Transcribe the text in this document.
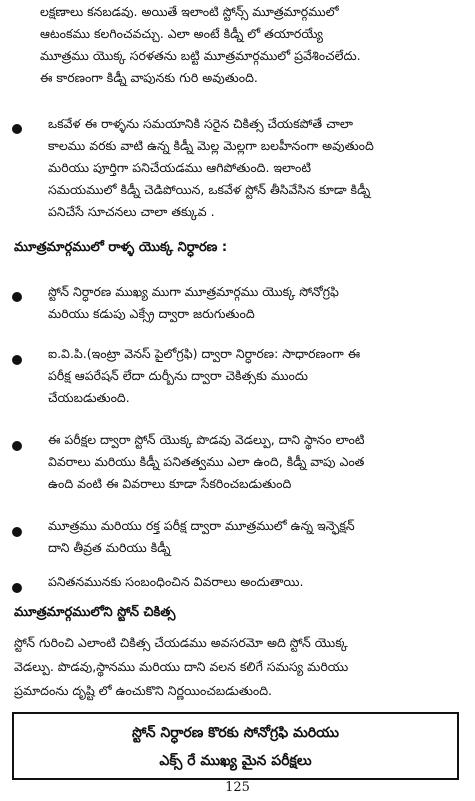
లక్షణాలు కనబడవు. అయితే ఇలాంటి స్టోన్స్ మూత్రమార్గములో
ఆటంకము కలగించవచ్చు. ఎలా అంటే కిడ్నీ లో తయారయ్యే
మూత్రము యొక్క సరళతను బట్టి మూత్రమార్గములో ప్రవేశించలేదు.
ఈ కారణంగా కిడ్నీ వాపునకు గురి అవుతుంది.
ఒకవేళ ఈ రాళ్ళను సమయానికి సరైన చికిత్స చేయకపోతే చాలా
కాలము వరకు వాటి ఉన్న కిడ్నీ మెల్ల మెల్లగా బలహీనంగా అవుతుంది
మరియు పూర్తిగా పనిచేయడము ఆగిపోతుంది. ఇలాంటి
సమయములో కిడ్నీ చెడిపోయిన, ఒకవేళ స్టోన్ తీసివేసిన కూడా కిడ్నీ
పనిచేసే సూచనలు చాలా తక్కువ .
మూత్రమార్గములో రాళ్ళ యొక్క నిర్ధారణ :
స్టోన్ నిర్ధారణ ముఖ్య ముగా మూత్రమార్గము యొక్క సోనోగ్రఫి
మరియు కడుపు ఎక్స్రే ద్వారా జరుగుతుంది
ఐ.వి.పి.(ఇంట్రా వెనస్ పైలోగ్రఫి) ద్వారా నిర్ధారణ: సాధారణంగా ఈ
పరీక్ష ఆపరేషన్ లేదా దుర్బీను ద్వారా చెకిత్సకు ముందు
చేయబడుతుంది.
ఈ పరీక్షల ద్వారా స్టోన్ యొక్క పొడవు వెడల్పు, దాని స్థానం లాంటి
వివరాలు మరియు కిడ్నీ పనితత్వము ఎలా ఉంది, కిడ్నీ వాపు ఎంత
ఉంది వంటి ఈ వివరాలు కూడా సేకరించబడుతుంది
మూత్రము మరియు రక్త పరీక్ష ద్వారా మూత్రములో ఉన్న ఇన్ఫెక్షన్
దాని తీవ్రత మరియు కిడ్నీ
పనితనమునకు సంబంధించిన వివరాలు అందుతాయి.
మూత్రమార్గములోని స్టోన్ చికిత్స
స్టోన్ గురించి ఎలాంటి చికిత్స చేయడము అవసరమో అది స్టోన్ యొక్క
వెడల్పు. పొడవు,స్థానము మరియు దాని వలన కలిగే సమస్య మరియు
ప్రమాదంను దృష్టి లో ఉంచుకొని నిర్ణయించబడుతుంది.
స్టోన్ నిర్ధారణ కొరకు సోనోగ్రఫి మరియు
ఎక్స్ రే ముఖ్య మైన పరీక్షలు
125
